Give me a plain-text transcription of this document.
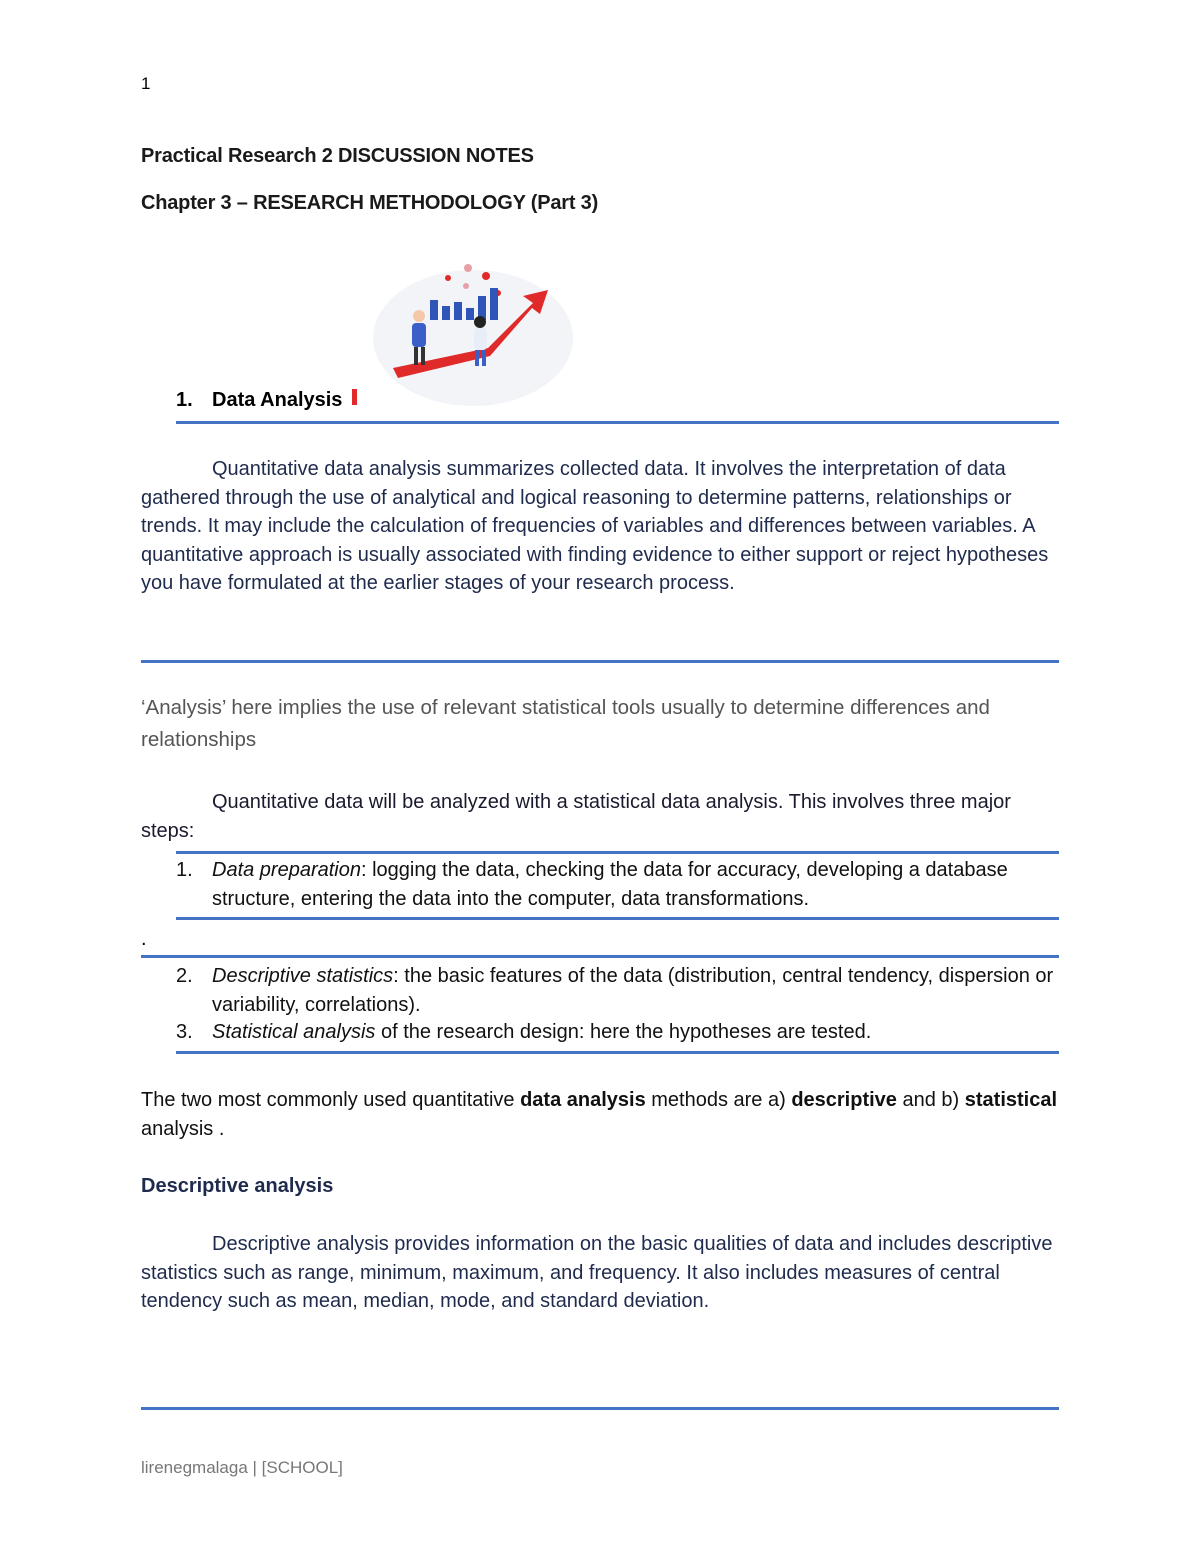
1
Practical Research 2 DISCUSSION NOTES
Chapter 3 – RESEARCH METHODOLOGY (Part 3)
1. Data Analysis
Quantitative data analysis summarizes collected data. It involves the interpretation of data gathered through the use of analytical and logical reasoning to determine patterns, relationships or trends. It may include the calculation of frequencies of variables and differences between variables. A quantitative approach is usually associated with finding evidence to either support or reject hypotheses you have formulated at the earlier stages of your research process.
‘Analysis’ here implies the use of relevant statistical tools usually to determine differences and relationships
Quantitative data will be analyzed with a statistical data analysis. This involves three major steps:
1. Data preparation: logging the data, checking the data for accuracy, developing a database structure, entering the data into the computer, data transformations.
.
2. Descriptive statistics: the basic features of the data (distribution, central tendency, dispersion or variability, correlations).
3. Statistical analysis of the research design: here the hypotheses are tested.
The two most commonly used quantitative data analysis methods are a) descriptive and b) statistical analysis .
Descriptive analysis
Descriptive analysis provides information on the basic qualities of data and includes descriptive statistics such as range, minimum, maximum, and frequency. It also includes measures of central tendency such as mean, median, mode, and standard deviation.
lirenegmalaga | [SCHOOL]
